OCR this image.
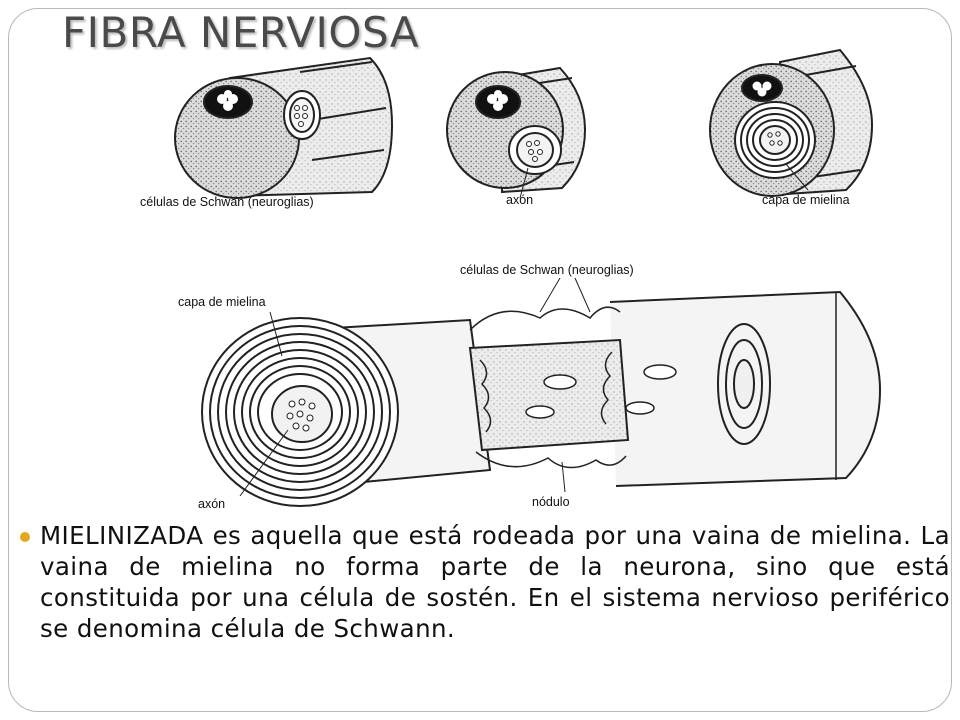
FIBRA NERVIOSA
células de Schwan (neuroglias)	axón	capa de mielina
células de Schwan (neuroglias)
capa de mielina
axón	nódulo

MIELINIZADA es aquella que está rodeada por una vaina de mielina. La vaina de mielina no forma parte de la neurona, sino que está constituida por una célula de sostén. En el sistema nervioso periférico se denomina célula de Schwann.
